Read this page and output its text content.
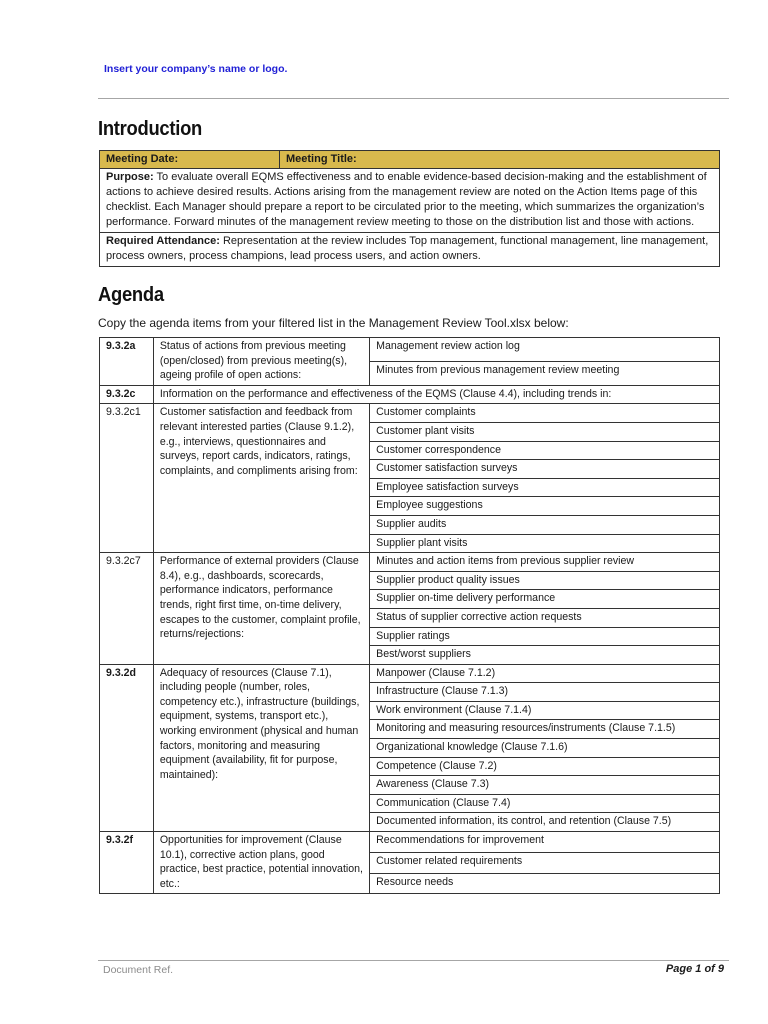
Insert your company’s name or logo.
Introduction
Meeting Date:	Meeting Title:
Purpose: To evaluate overall EQMS effectiveness and to enable evidence-based decision-making and the establishment of actions to achieve desired results. Actions arising from the management review are noted on the Action Items page of this checklist. Each Manager should prepare a report to be circulated prior to the meeting, which summarizes the organization’s performance. Forward minutes of the management review meeting to those on the distribution list and those with actions.
Required Attendance: Representation at the review includes Top management, functional management, line management, process owners, process champions, lead process users, and action owners.
Agenda
Copy the agenda items from your filtered list in the Management Review Tool.xlsx below:
9.3.2a	Status of actions from previous meeting (open/closed) from previous meeting(s), ageing profile of open actions:	Management review action log
		Minutes from previous management review meeting
9.3.2c	Information on the performance and effectiveness of the EQMS (Clause 4.4), including trends in:	
9.3.2c1	Customer satisfaction and feedback from relevant interested parties (Clause 9.1.2), e.g., interviews, questionnaires and surveys, report cards, indicators, ratings, complaints, and compliments arising from:	Customer complaints
		Customer plant visits
		Customer correspondence
		Customer satisfaction surveys
		Employee satisfaction surveys
		Employee suggestions
		Supplier audits
		Supplier plant visits
9.3.2c7	Performance of external providers (Clause 8.4), e.g., dashboards, scorecards, performance indicators, performance trends, right first time, on-time delivery, escapes to the customer, complaint profile, returns/rejections:	Minutes and action items from previous supplier review
		Supplier product quality issues
		Supplier on-time delivery performance
		Status of supplier corrective action requests
		Supplier ratings
		Best/worst suppliers
9.3.2d	Adequacy of resources (Clause 7.1), including people (number, roles, competency etc.), infrastructure (buildings, equipment, systems, transport etc.), working environment (physical and human factors, monitoring and measuring equipment (availability, fit for purpose, maintained):	Manpower (Clause 7.1.2)
		Infrastructure (Clause 7.1.3)
		Work environment (Clause 7.1.4)
		Monitoring and measuring resources/instruments (Clause 7.1.5)
		Organizational knowledge (Clause 7.1.6)
		Competence (Clause 7.2)
		Awareness (Clause 7.3)
		Communication (Clause 7.4)
		Documented information, its control, and retention (Clause 7.5)
9.3.2f	Opportunities for improvement (Clause 10.1), corrective action plans, good practice, best practice, potential innovation, etc.:	Recommendations for improvement
		Customer related requirements
		Resource needs
Document Ref.	Page 1 of 9
